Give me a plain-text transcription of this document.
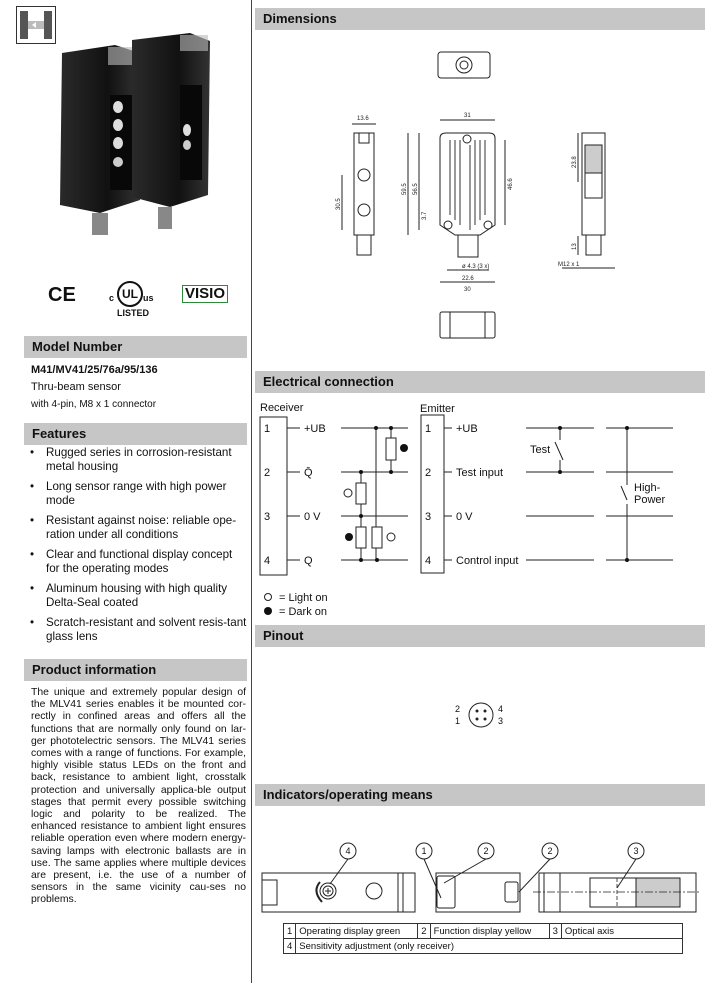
CE	c UL us
LISTED
VISIO
Model Number
M41/MV41/25/76a/95/136
Thru-beam sensor
with 4-pin, M8 x 1 connector
Features
• Rugged series in corrosion-resistant metal housing
• Long sensor range with high power mode
• Resistant against noise: reliable ope-ration under all conditions
• Clear and functional display concept for the operating modes
• Aluminum housing with high quality Delta-Seal coated
• Scratch-resistant and solvent resis-tant glass lens
Product information
The unique and extremely popular design of the MLV41 series enables it be mounted cor-rectly in confined areas and offers all the functions that are normally only found on lar-ger phototelectric sensors. The MLV41 series comes with a range of functions. For example, highly visible status LEDs on the front and back, resistance to ambient light, crosstalk protection and universally applica-ble output stages that permit every possible switching logic and polarity to be realized. The enhanced resistance to ambient light ensures reliable operation even where modern energy-saving lamps with electronic ballasts are in use. The same applies where multiple devices are present, i.e. the use of a number of sensors in the same vicinity cau-ses no problems.
Dimensions
Electrical connection
Pinout
Indicators/operating means
13.6	31
ø 4.3 (3 x)
22.6
30
M12 x 1
59.5 56.5	46.6
30.5
3.7
23.8
13
Receiver	Emitter
1
2
3
4
+UB
Q̄
0 V
Q
1
2
3
4
+UB
Test input
0 V
Control input
Test
High-
Power
= Light on
= Dark on
2
1
4
3
4	1	2	2	3
1	Operating display green	2	Function display yellow	3	Optical axis
4	Sensitivity adjustment (only receiver)				
